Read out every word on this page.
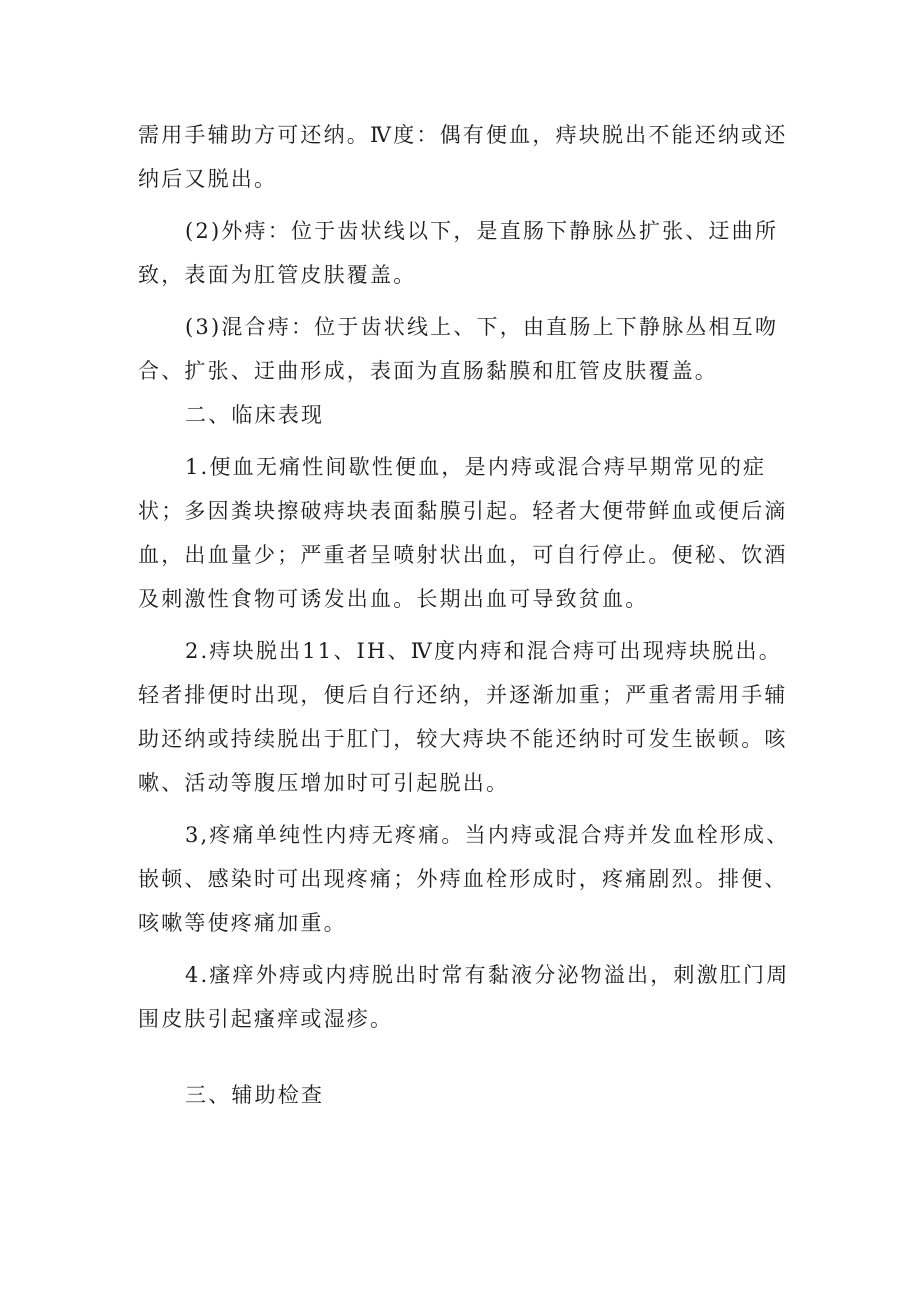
需用手辅助方可还纳。Ⅳ度：偶有便血，痔块脱出不能还纳或还纳后又脱出。

(2)外痔：位于齿状线以下，是直肠下静脉丛扩张、迂曲所致，表面为肛管皮肤覆盖。

(3)混合痔：位于齿状线上、下，由直肠上下静脉丛相互吻合、扩张、迂曲形成，表面为直肠黏膜和肛管皮肤覆盖。

二、临床表现

1.便血无痛性间歇性便血，是内痔或混合痔早期常见的症状；多因粪块擦破痔块表面黏膜引起。轻者大便带鲜血或便后滴血，出血量少；严重者呈喷射状出血，可自行停止。便秘、饮酒及刺激性食物可诱发出血。长期出血可导致贫血。

2.痔块脱出11、IH、Ⅳ度内痔和混合痔可出现痔块脱出。轻者排便时出现，便后自行还纳，并逐渐加重；严重者需用手辅助还纳或持续脱出于肛门，较大痔块不能还纳时可发生嵌顿。咳嗽、活动等腹压增加时可引起脱出。

3,疼痛单纯性内痔无疼痛。当内痔或混合痔并发血栓形成、嵌顿、感染时可出现疼痛；外痔血栓形成时，疼痛剧烈。排便、咳嗽等使疼痛加重。

4.瘙痒外痔或内痔脱出时常有黏液分泌物溢出，刺激肛门周围皮肤引起瘙痒或湿疹。

三、辅助检查
